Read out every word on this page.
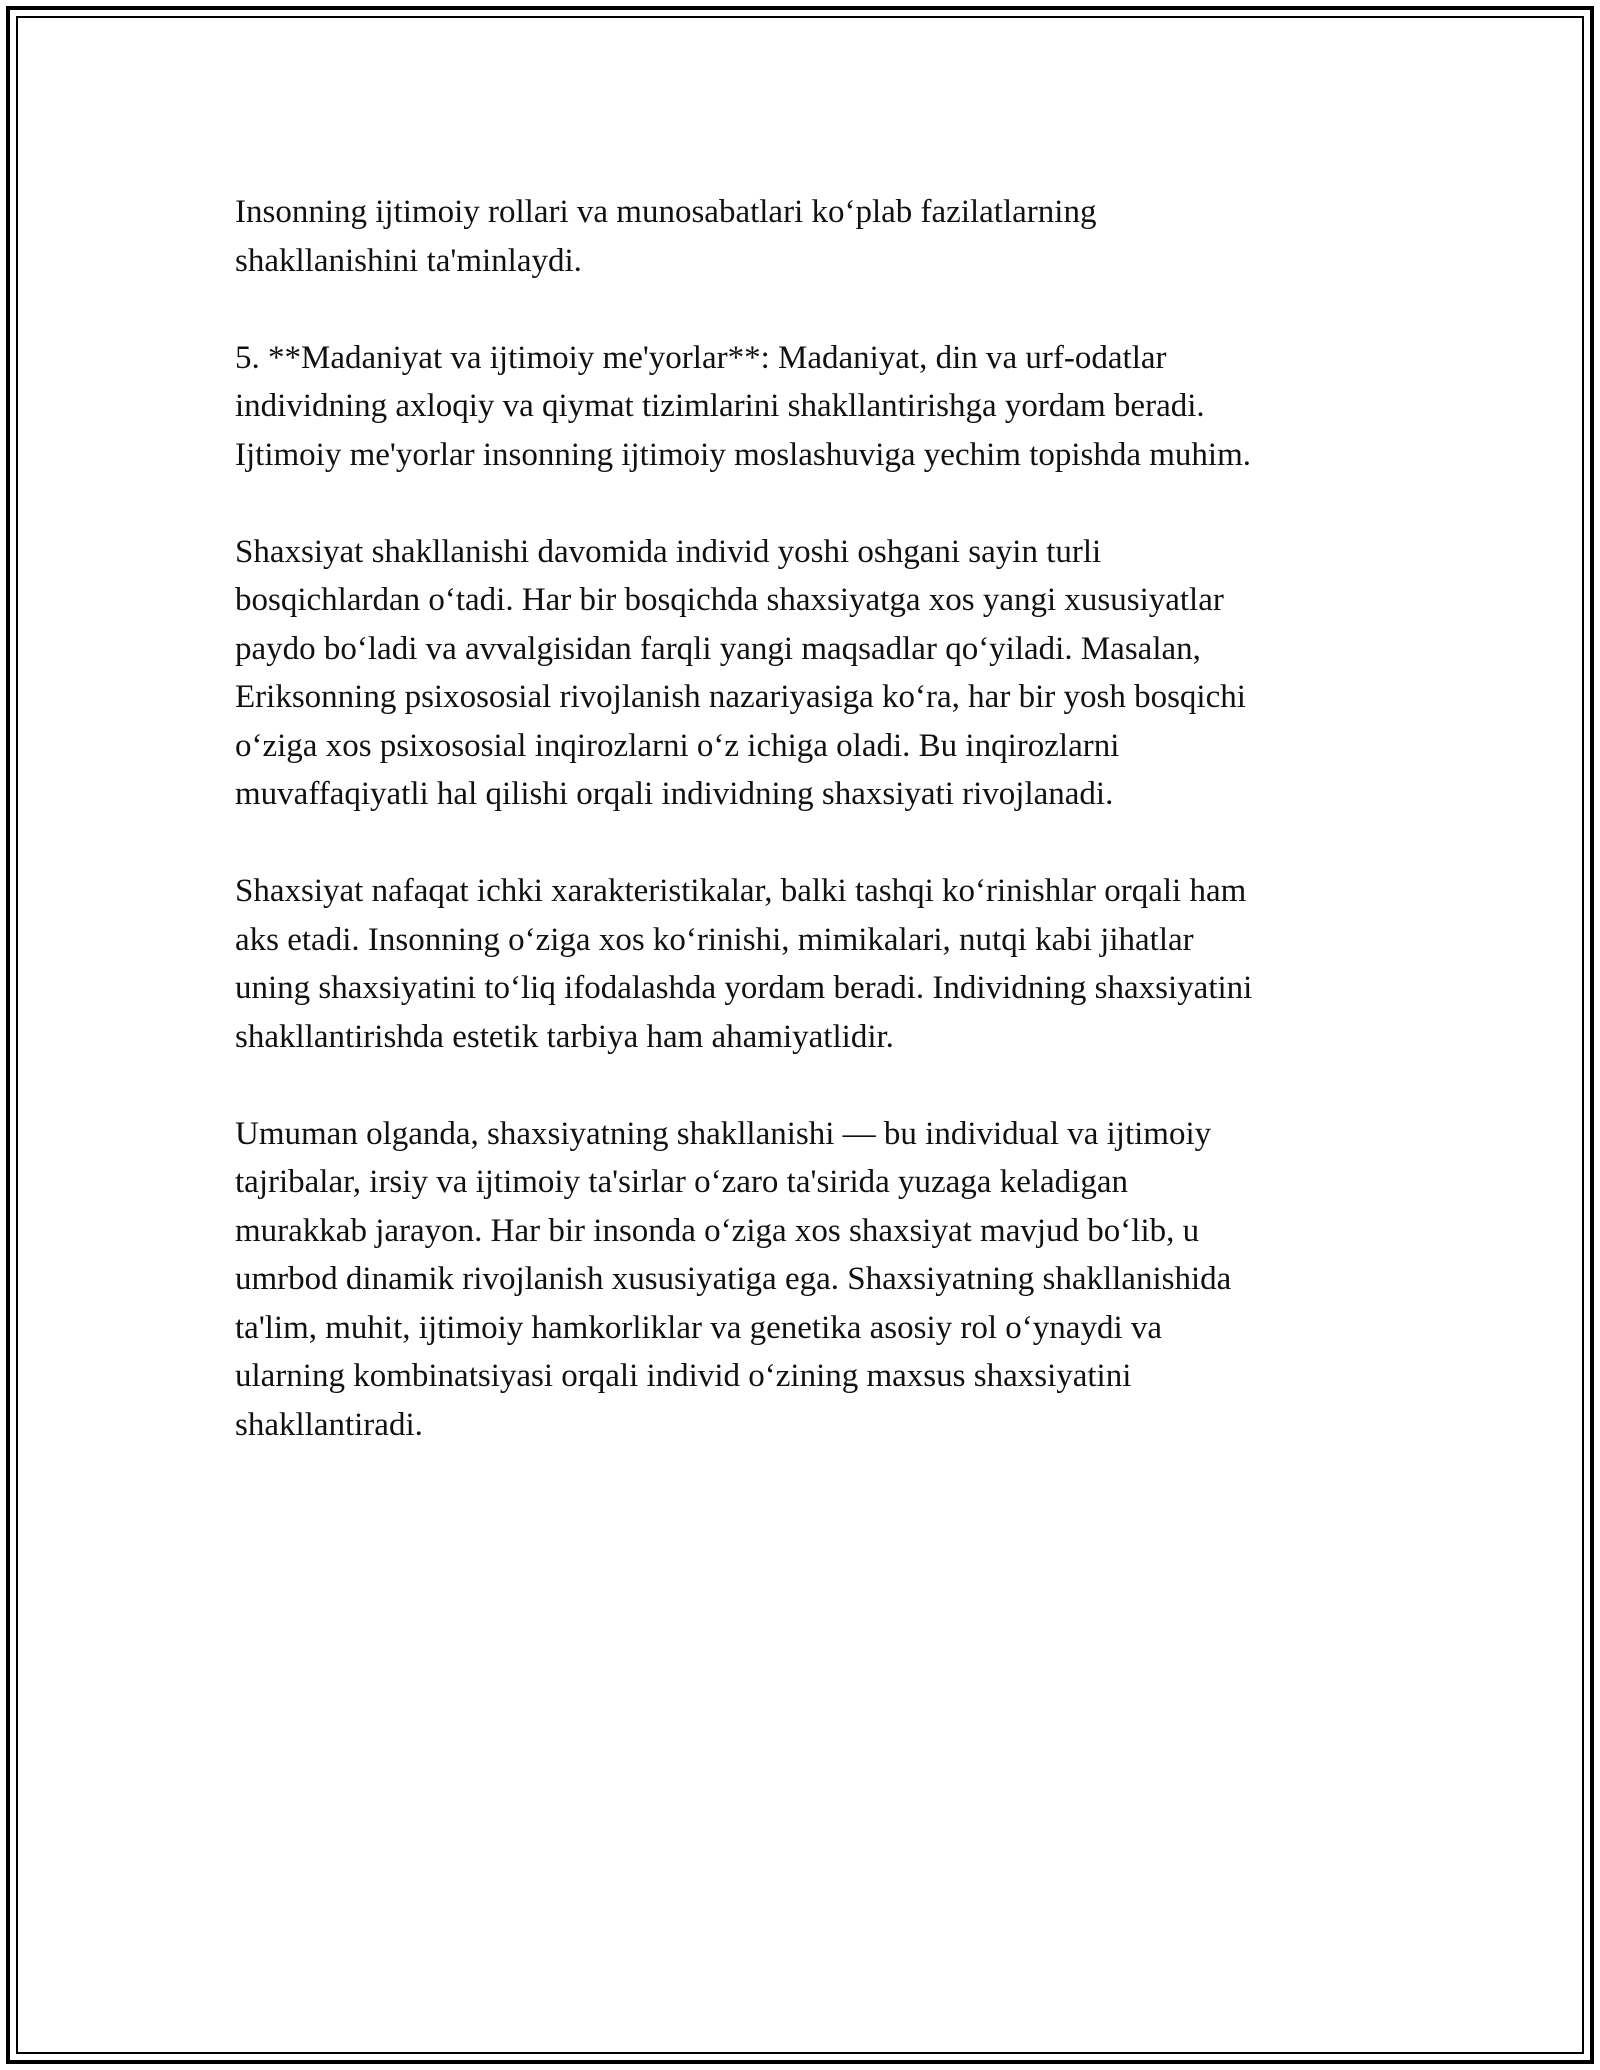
Insonning ijtimoiy rollari va munosabatlari ko‘plab fazilatlarning
shakllanishini ta'minlaydi.

5. **Madaniyat va ijtimoiy me'yorlar**: Madaniyat, din va urf-odatlar
individning axloqiy va qiymat tizimlarini shakllantirishga yordam beradi.
Ijtimoiy me'yorlar insonning ijtimoiy moslashuviga yechim topishda muhim.

Shaxsiyat shakllanishi davomida individ yoshi oshgani sayin turli
bosqichlardan o‘tadi. Har bir bosqichda shaxsiyatga xos yangi xususiyatlar
paydo bo‘ladi va avvalgisidan farqli yangi maqsadlar qo‘yiladi. Masalan,
Eriksonning psixososial rivojlanish nazariyasiga ko‘ra, har bir yosh bosqichi
o‘ziga xos psixososial inqirozlarni o‘z ichiga oladi. Bu inqirozlarni
muvaffaqiyatli hal qilishi orqali individning shaxsiyati rivojlanadi.

Shaxsiyat nafaqat ichki xarakteristikalar, balki tashqi ko‘rinishlar orqali ham
aks etadi. Insonning o‘ziga xos ko‘rinishi, mimikalari, nutqi kabi jihatlar
uning shaxsiyatini to‘liq ifodalashda yordam beradi. Individning shaxsiyatini
shakllantirishda estetik tarbiya ham ahamiyatlidir.

Umuman olganda, shaxsiyatning shakllanishi — bu individual va ijtimoiy
tajribalar, irsiy va ijtimoiy ta'sirlar o‘zaro ta'sirida yuzaga keladigan
murakkab jarayon. Har bir insonda o‘ziga xos shaxsiyat mavjud bo‘lib, u
umrbod dinamik rivojlanish xususiyatiga ega. Shaxsiyatning shakllanishida
ta'lim, muhit, ijtimoiy hamkorliklar va genetika asosiy rol o‘ynaydi va
ularning kombinatsiyasi orqali individ o‘zining maxsus shaxsiyatini
shakllantiradi.
